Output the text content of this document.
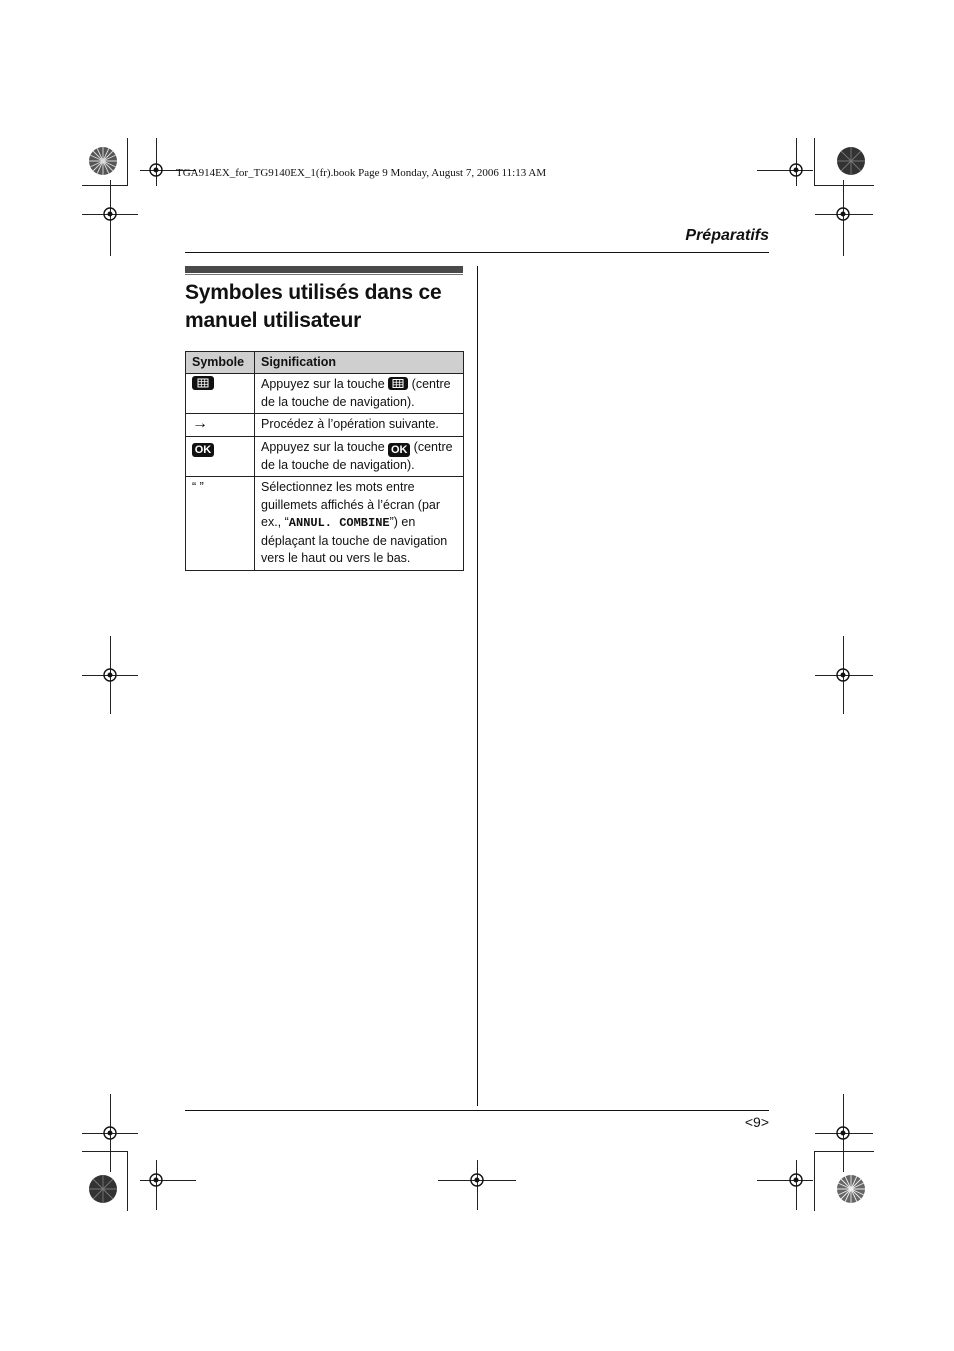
TGA914EX_for_TG9140EX_1(fr).book Page 9 Monday, August 7, 2006 11:13 AM
Préparatifs
Symboles utilisés dans ce manuel utilisateur
Symbole	Signification
	Appuyez sur la touche (centre de la touche de navigation).
→	Procédez à l’opération suivante.
OK	Appuyez sur la touche OK (centre de la touche de navigation).
“ ”	Sélectionnez les mots entre guillemets affichés à l’écran (par ex., “ANNUL. COMBINE”) en déplaçant la touche de navigation vers le haut ou vers le bas.
<9>
